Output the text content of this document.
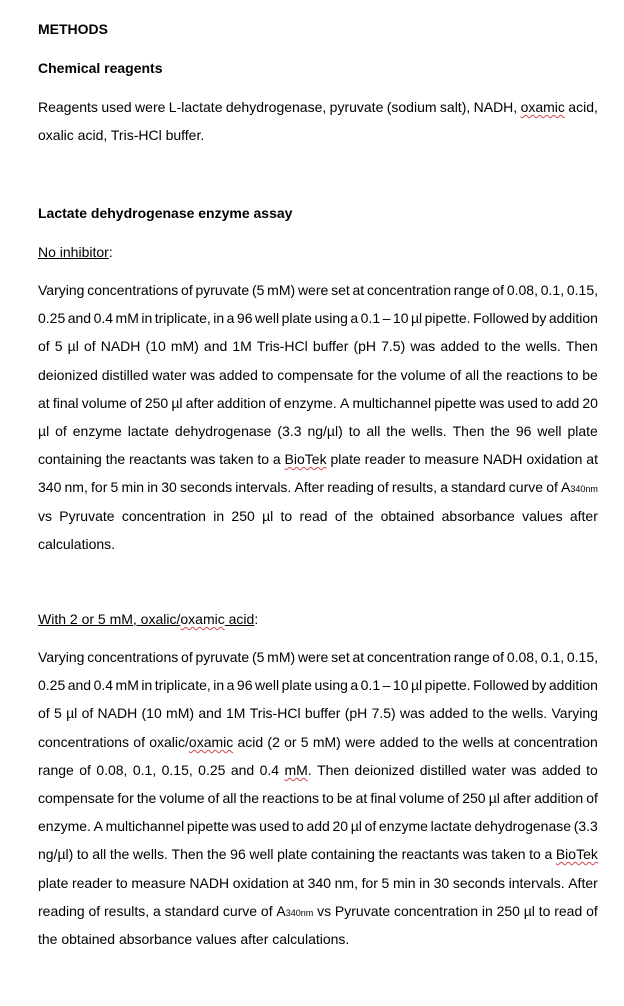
METHODS
Chemical reagents
Reagents used were L-lactate dehydrogenase, pyruvate (sodium salt), NADH, oxamic acid,
oxalic acid, Tris-HCl buffer.
Lactate dehydrogenase enzyme assay
No inhibitor:
Varying concentrations of pyruvate (5 mM) were set at concentration range of 0.08, 0.1, 0.15,
0.25 and 0.4 mM in triplicate, in a 96 well plate using a 0.1 – 10 µl pipette. Followed by addition
of 5 µl of NADH (10 mM) and 1M Tris-HCl buffer (pH 7.5) was added to the wells. Then
deionized distilled water was added to compensate for the volume of all the reactions to be
at final volume of 250 µl after addition of enzyme. A multichannel pipette was used to add 20
µl of enzyme lactate dehydrogenase (3.3 ng/µl) to all the wells. Then the 96 well plate
containing the reactants was taken to a BioTek plate reader to measure NADH oxidation at
340 nm, for 5 min in 30 seconds intervals. After reading of results, a standard curve of A340nm
vs Pyruvate concentration in 250 µl to read of the obtained absorbance values after
calculations.
With 2 or 5 mM, oxalic/oxamic acid:
Varying concentrations of pyruvate (5 mM) were set at concentration range of 0.08, 0.1, 0.15,
0.25 and 0.4 mM in triplicate, in a 96 well plate using a 0.1 – 10 µl pipette. Followed by addition
of 5 µl of NADH (10 mM) and 1M Tris-HCl buffer (pH 7.5) was added to the wells. Varying
concentrations of oxalic/oxamic acid (2 or 5 mM) were added to the wells at concentration
range of 0.08, 0.1, 0.15, 0.25 and 0.4 mM. Then deionized distilled water was added to
compensate for the volume of all the reactions to be at final volume of 250 µl after addition of
enzyme. A multichannel pipette was used to add 20 µl of enzyme lactate dehydrogenase (3.3
ng/µl) to all the wells. Then the 96 well plate containing the reactants was taken to a BioTek
plate reader to measure NADH oxidation at 340 nm, for 5 min in 30 seconds intervals. After
reading of results, a standard curve of A340nm vs Pyruvate concentration in 250 µl to read of
the obtained absorbance values after calculations.
